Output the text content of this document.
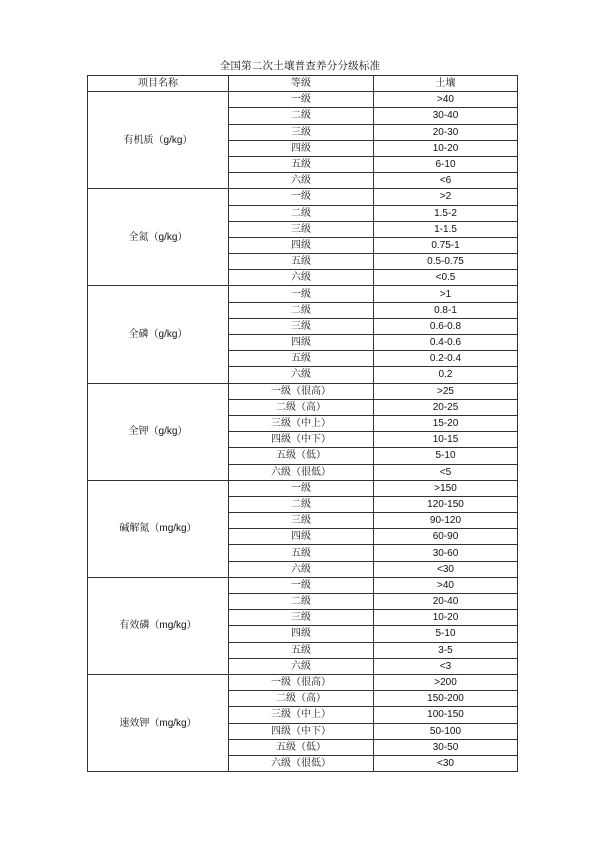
全国第二次土壤普查养分分级标准
项目名称	等级	土壤
有机质（g/kg）	一级	>40
	二级	30-40
	三级	20-30
	四级	10-20
	五级	6-10
	六级	<6
全氮（g/kg）	一级	>2
	二级	1.5-2
	三级	1-1.5
	四级	0.75-1
	五级	0.5-0.75
	六级	<0.5
全磷（g/kg）	一级	>1
	二级	0.8-1
	三级	0.6-0.8
	四级	0.4-0.6
	五级	0.2-0.4
	六级	0.2
全钾（g/kg）	一级（很高）	>25
	二级（高）	20-25
	三级（中上）	15-20
	四级（中下）	10-15
	五级（低）	5-10
	六级（很低）	<5
碱解氮（mg/kg）	一级	>150
	二级	120-150
	三级	90-120
	四级	60-90
	五级	30-60
	六级	<30
有效磷（mg/kg）	一级	>40
	二级	20-40
	三级	10-20
	四级	5-10
	五级	3-5
	六级	<3
速效钾（mg/kg）	一级（很高）	>200
	二级（高）	150-200
	三级（中上）	100-150
	四级（中下）	50-100
	五级（低）	30-50
	六级（很低）	<30
